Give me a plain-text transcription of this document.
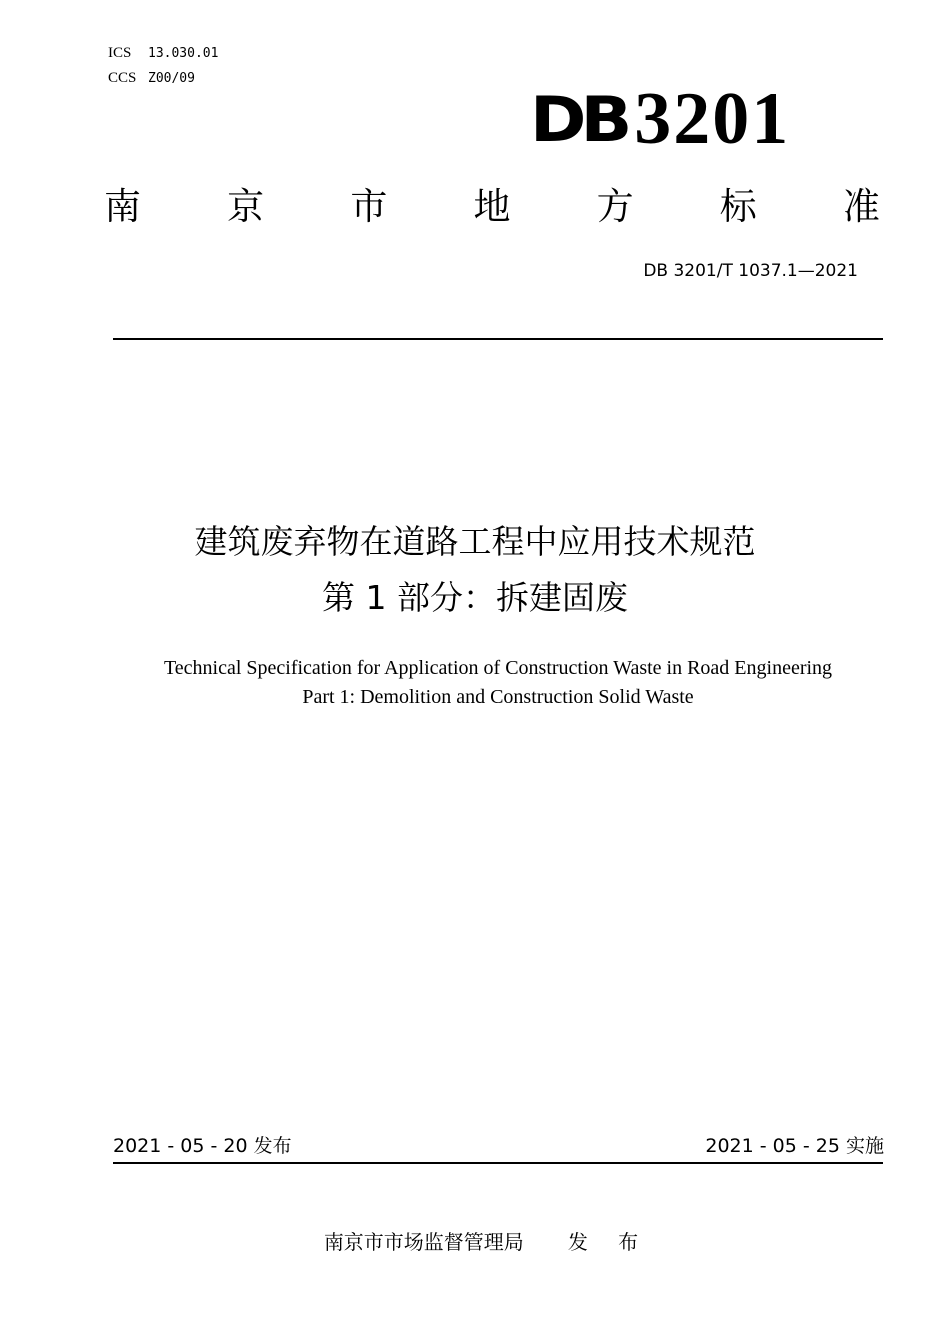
ICS 13.030.01
CCS Z00/09
DB 3201
南 京 市 地 方 标 准
DB 3201/T 1037.1—2021
建筑废弃物在道路工程中应用技术规范
第 1 部分：拆建固废
Technical Specification for Application of Construction Waste in Road Engineering
Part 1: Demolition and Construction Solid Waste
2021 - 05 - 20 发布	2021 - 05 - 25 实施
南京市市场监督管理局 发 布
